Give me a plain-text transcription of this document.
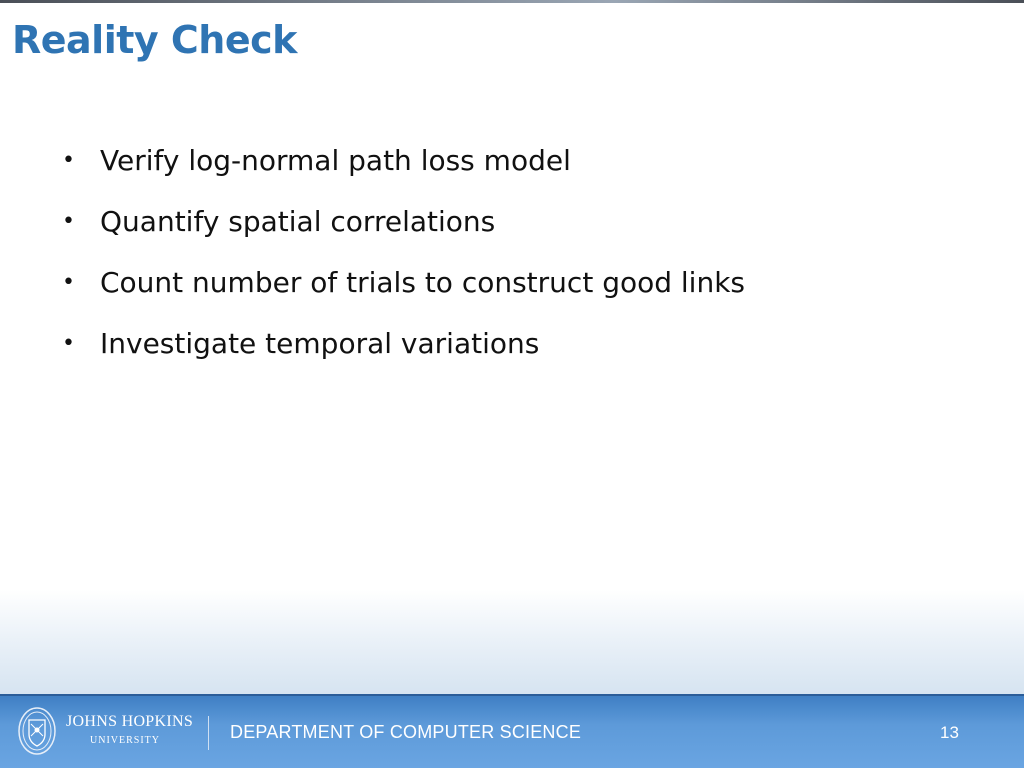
Reality Check
• Verify log-normal path loss model
• Quantify spatial correlations
• Count number of trials to construct good links
• Investigate temporal variations
JOHNS HOPKINS
UNIVERSITY	DEPARTMENT OF COMPUTER SCIENCE	13
